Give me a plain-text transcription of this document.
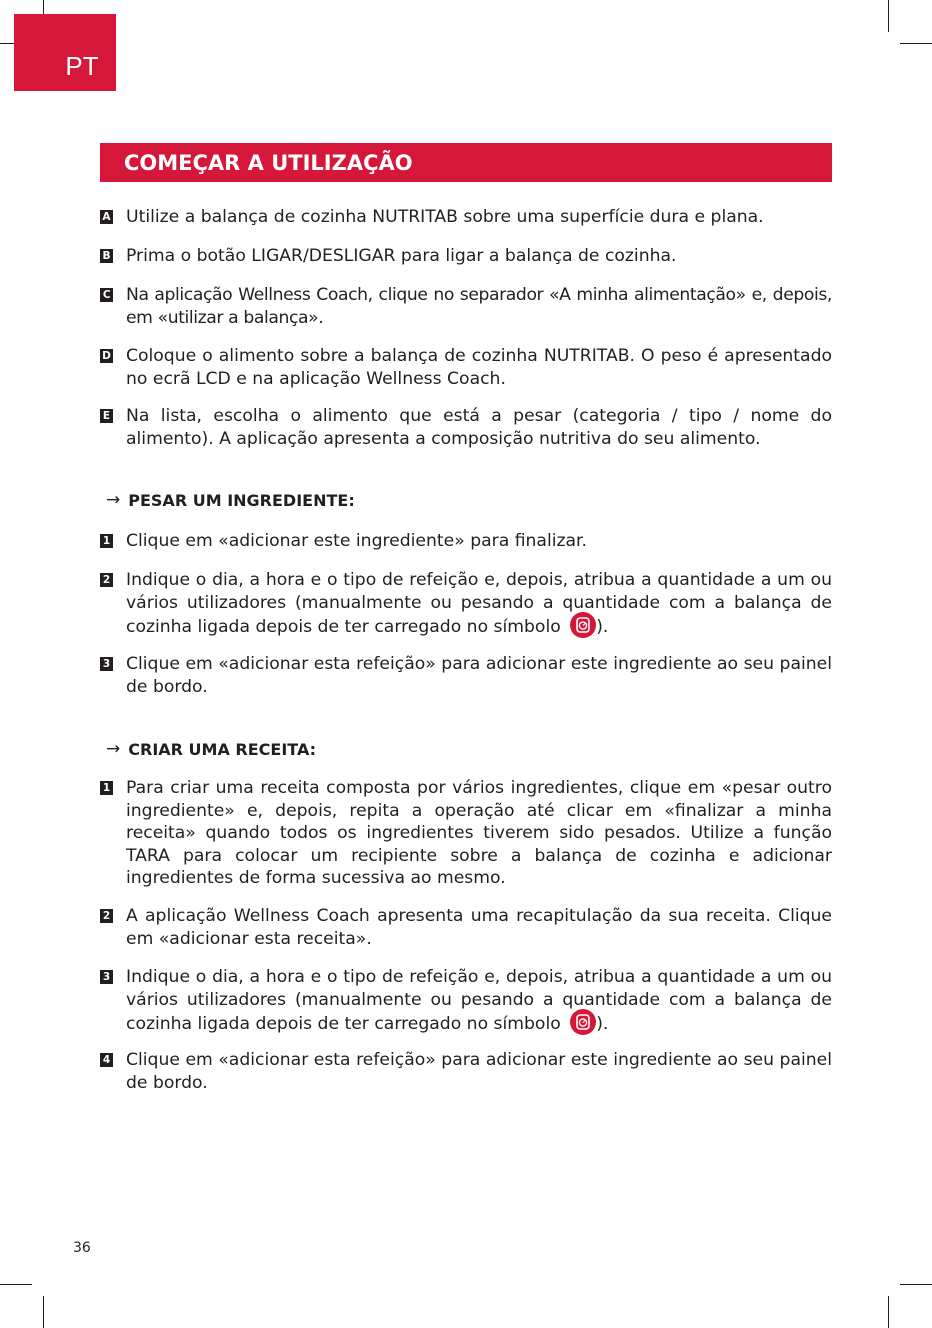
PT
COMEÇAR A UTILIZAÇÃO
A Utilize a balança de cozinha NUTRITAB sobre uma superfície dura e plana.
B Prima o botão LIGAR/DESLIGAR para ligar a balança de cozinha.
C Na aplicação Wellness Coach, clique no separador «A minha alimentação» e, depois, em «utilizar a balança».
D Coloque o alimento sobre a balança de cozinha NUTRITAB. O peso é apresentado no ecrã LCD e na aplicação Wellness Coach.
E Na lista, escolha o alimento que está a pesar (categoria / tipo / nome do alimento). A aplicação apresenta a composição nutritiva do seu alimento.
→ PESAR UM INGREDIENTE:
1 Clique em «adicionar este ingrediente» para finalizar.
2 Indique o dia, a hora e o tipo de refeição e, depois, atribua a quantidade a um ou vários utilizadores (manualmente ou pesando a quantidade com a balança de cozinha ligada depois de ter carregado no símbolo ).
3 Clique em «adicionar esta refeição» para adicionar este ingrediente ao seu painel de bordo.
→ CRIAR UMA RECEITA:
1 Para criar uma receita composta por vários ingredientes, clique em «pesar outro ingrediente» e, depois, repita a operação até clicar em «finalizar a minha receita» quando todos os ingredientes tiverem sido pesados. Utilize a função TARA para colocar um recipiente sobre a balança de cozinha e adicionar ingredientes de forma sucessiva ao mesmo.
2 A aplicação Wellness Coach apresenta uma recapitulação da sua receita. Clique em «adicionar esta receita».
3 Indique o dia, a hora e o tipo de refeição e, depois, atribua a quantidade a um ou vários utilizadores (manualmente ou pesando a quantidade com a balança de cozinha ligada depois de ter carregado no símbolo ).
4 Clique em «adicionar esta refeição» para adicionar este ingrediente ao seu painel de bordo.
36
